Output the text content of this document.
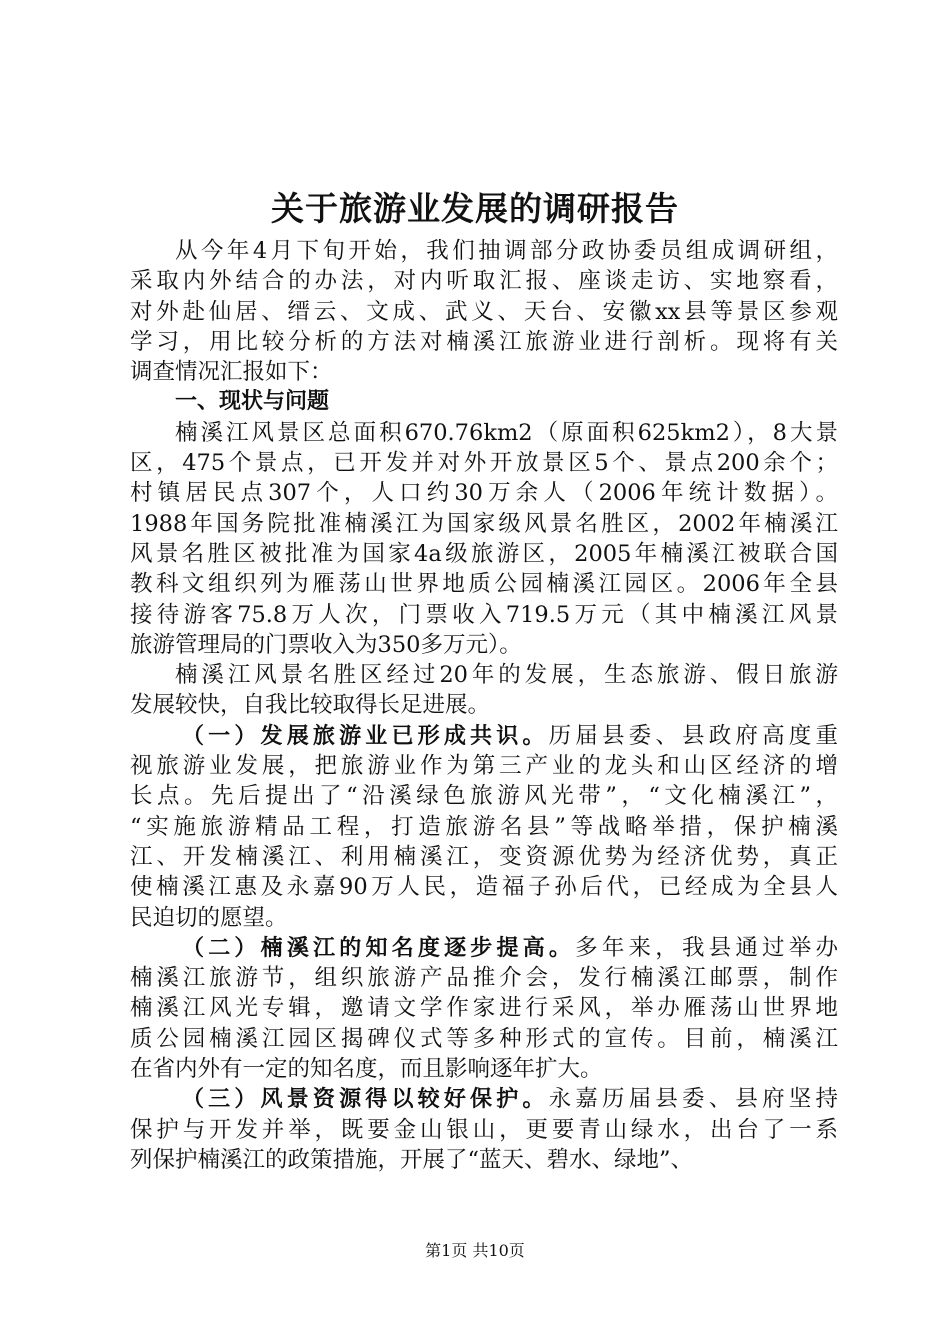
关于旅游业发展的调研报告
从今年4月下旬开始，我们抽调部分政协委员组成调研组，
采取内外结合的办法，对内听取汇报、座谈走访、实地察看，
对外赴仙居、缙云、文成、武义、天台、安徽xx县等景区参观
学习，用比较分析的方法对楠溪江旅游业进行剖析。现将有关
调查情况汇报如下：
一、现状与问题
楠溪江风景区总面积670.76km2（原面积625km2），8大景
区，475个景点，已开发并对外开放景区5个、景点200余个；
村镇居民点307个，人口约30万余人（2006年统计数据）。
1988年国务院批准楠溪江为国家级风景名胜区，2002年楠溪江
风景名胜区被批准为国家4a级旅游区，2005年楠溪江被联合国
教科文组织列为雁荡山世界地质公园楠溪江园区。2006年全县
接待游客75.8万人次，门票收入719.5万元（其中楠溪江风景
旅游管理局的门票收入为350多万元）。
楠溪江风景名胜区经过20年的发展，生态旅游、假日旅游
发展较快，自我比较取得长足进展。
（一）发展旅游业已形成共识。历届县委、县政府高度重
视旅游业发展，把旅游业作为第三产业的龙头和山区经济的增
长点。先后提出了“沿溪绿色旅游风光带”，“文化楠溪江”，
“实施旅游精品工程，打造旅游名县”等战略举措，保护楠溪
江、开发楠溪江、利用楠溪江，变资源优势为经济优势，真正
使楠溪江惠及永嘉90万人民，造福子孙后代，已经成为全县人
民迫切的愿望。
（二）楠溪江的知名度逐步提高。多年来，我县通过举办
楠溪江旅游节，组织旅游产品推介会，发行楠溪江邮票，制作
楠溪江风光专辑，邀请文学作家进行采风，举办雁荡山世界地
质公园楠溪江园区揭碑仪式等多种形式的宣传。目前，楠溪江
在省内外有一定的知名度，而且影响逐年扩大。
（三）风景资源得以较好保护。永嘉历届县委、县府坚持
保护与开发并举，既要金山银山，更要青山绿水，出台了一系
列保护楠溪江的政策措施，开展了“蓝天、碧水、绿地”、
第1页 共10页
